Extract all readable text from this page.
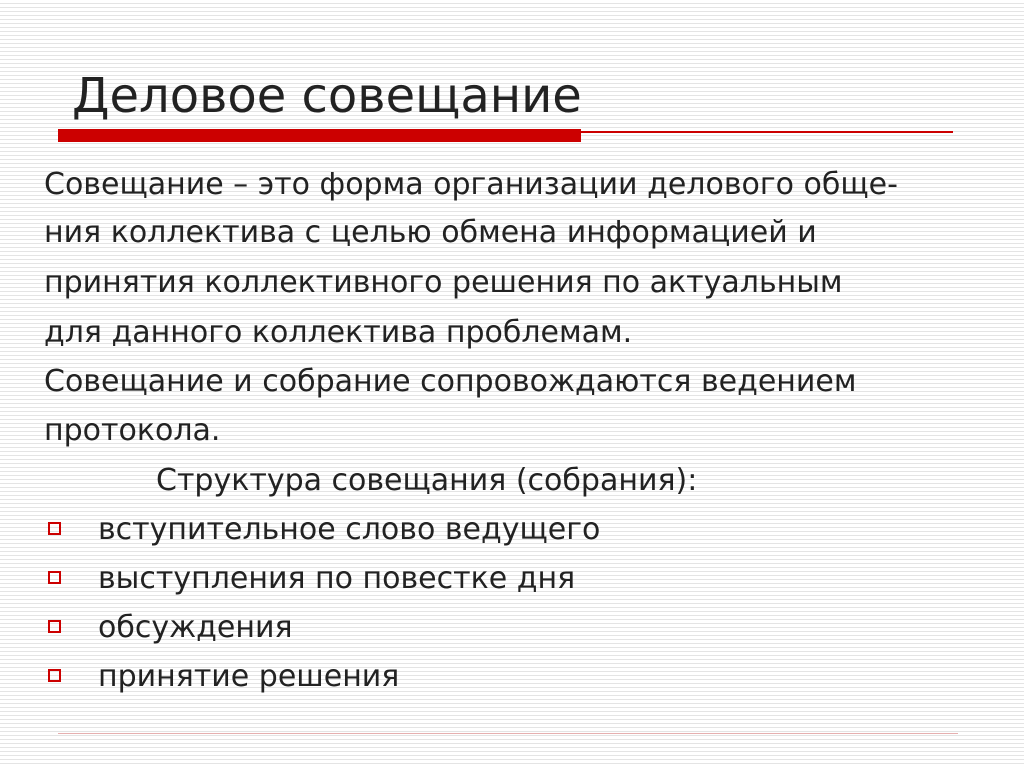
Деловое совещание
Совещание – это форма организации делового обще-
ния коллектива с целью обмена информацией и
принятия коллективного решения по актуальным
для данного коллектива проблемам.
Совещание и собрание сопровождаются ведением
протокола.
Структура совещания (собрания):
вступительное слово ведущего
выступления по повестке дня
обсуждения
принятие решения
